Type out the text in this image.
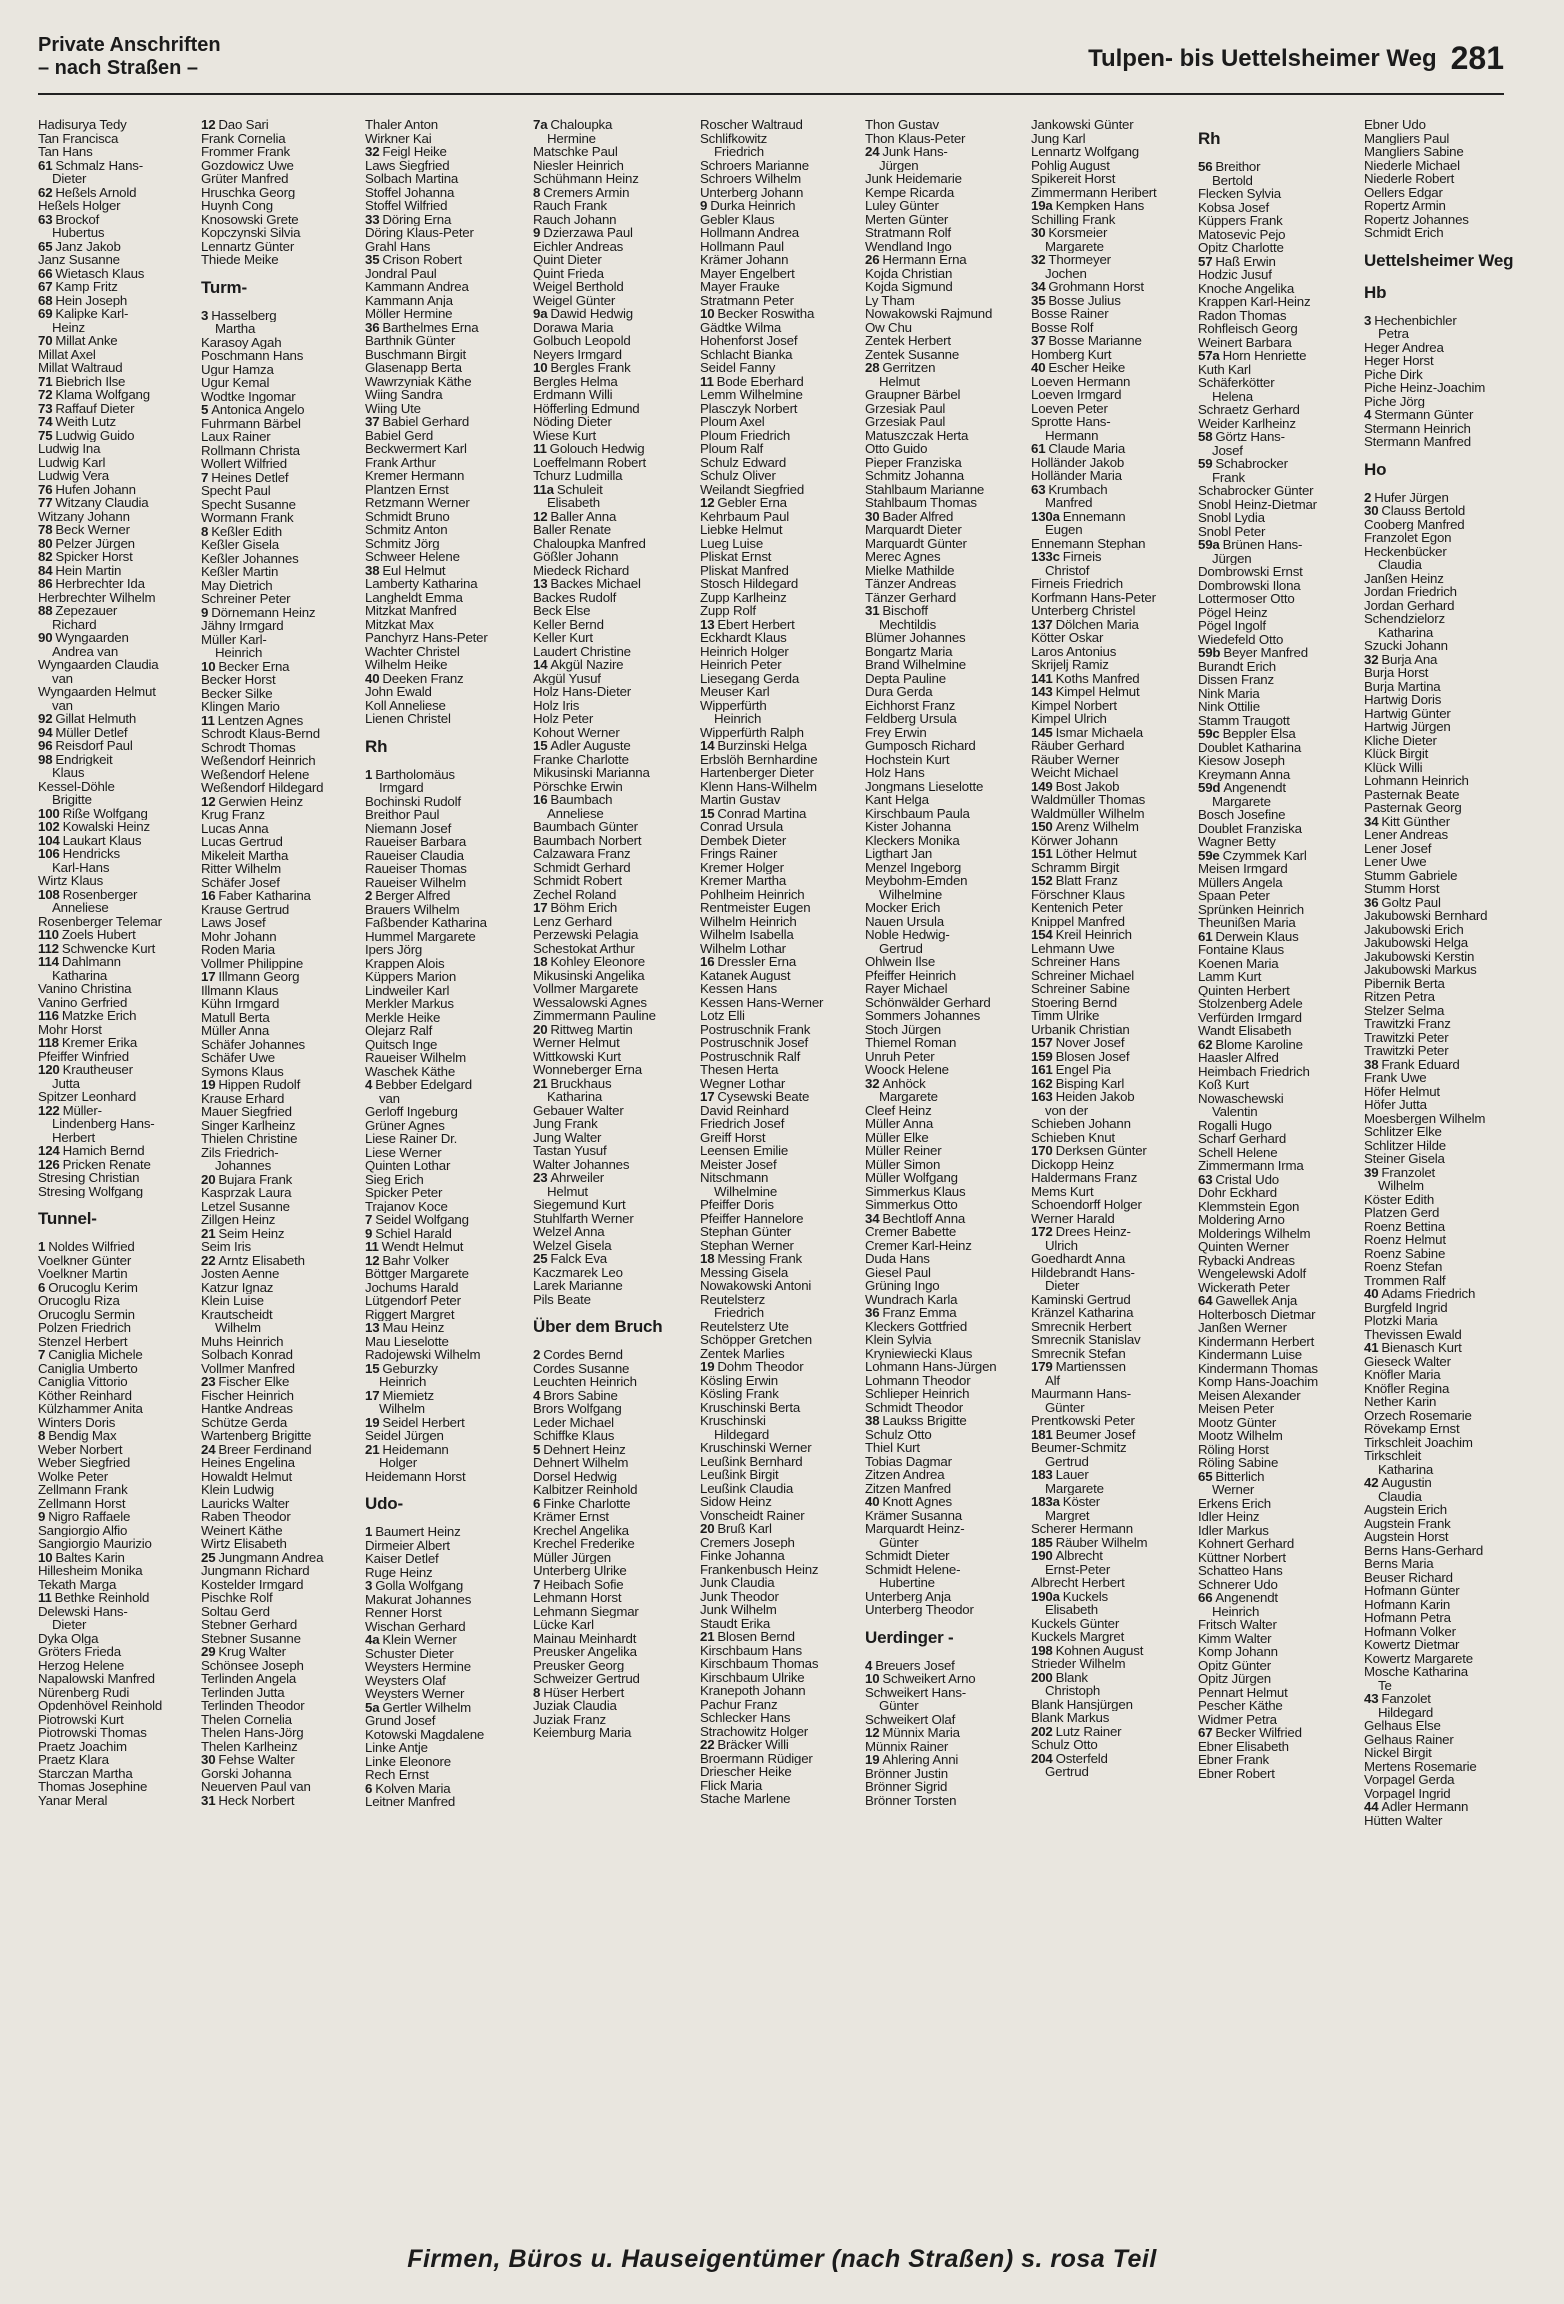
Private Anschriften
– nach Straßen –	Tulpen- bis Uettelsheimer Weg 281
Hadisurya Tedy
Tan Francisca
Tan Hans
61 Schmalz Hans-
Dieter
62 Heßels Arnold
Heßels Holger
63 Brockof
Hubertus
65 Janz Jakob
Janz Susanne
66 Wietasch Klaus
67 Kamp Fritz
68 Hein Joseph
69 Kalipke Karl-
Heinz
70 Millat Anke
Millat Axel
Millat Waltraud
71 Biebrich Ilse
72 Klama Wolfgang
73 Raffauf Dieter
74 Weith Lutz
75 Ludwig Guido
Ludwig Ina
Ludwig Karl
Ludwig Vera
76 Hufen Johann
77 Witzany Claudia
Witzany Johann
78 Beck Werner
80 Pelzer Jürgen
82 Spicker Horst
84 Hein Martin
86 Herbrechter Ida
Herbrechter Wilhelm
88 Zepezauer
Richard
90 Wyngaarden
Andrea van
Wyngaarden Claudia
van
Wyngaarden Helmut
van
92 Gillat Helmuth
94 Müller Detlef
96 Reisdorf Paul
98 Endrigkeit
Klaus
Kessel-Döhle
Brigitte
100 Riße Wolfgang
102 Kowalski Heinz
104 Laukart Klaus
106 Hendricks
Karl-Hans
Wirtz Klaus
108 Rosenberger
Anneliese
Rosenberger Telemar
110 Zoels Hubert
112 Schwencke Kurt
114 Dahlmann
Katharina
Vanino Christina
Vanino Gerfried
116 Matzke Erich
Mohr Horst
118 Kremer Erika
Pfeiffer Winfried
120 Krautheuser
Jutta
Spitzer Leonhard
122 Müller-
Lindenberg Hans-
Herbert
124 Hamich Bernd
126 Pricken Renate
Stresing Christian
Stresing Wolfgang
Tunnel-
1 Noldes Wilfried
Voelkner Günter
Voelkner Martin
6 Orucoglu Kerim
Orucoglu Riza
Orucoglu Sermin
Polzen Friedrich
Stenzel Herbert
7 Caniglia Michele
Caniglia Umberto
Caniglia Vittorio
Köther Reinhard
Külzhammer Anita
Winters Doris
8 Bendig Max
Weber Norbert
Weber Siegfried
Wolke Peter
Zellmann Frank
Zellmann Horst
9 Nigro Raffaele
Sangiorgio Alfio
Sangiorgio Maurizio
10 Baltes Karin
Hillesheim Monika
Tekath Marga
11 Bethke Reinhold
Delewski Hans-
Dieter
Dyka Olga
Gröters Frieda
Herzog Helene
Napalowski Manfred
Nürenberg Rudi
Opdenhövel Reinhold
Piotrowski Kurt
Piotrowski Thomas
Praetz Joachim
Praetz Klara
Starczan Martha
Thomas Josephine
Yanar Meral
12 Dao Sari
Frank Cornelia
Frommer Frank
Gozdowicz Uwe
Grüter Manfred
Hruschka Georg
Huynh Cong
Knosowski Grete
Kopczynski Silvia
Lennartz Günter
Thiede Meike
Turm-
3 Hasselberg
Martha
Karasoy Agah
Poschmann Hans
Ugur Hamza
Ugur Kemal
Wodtke Ingomar
5 Antonica Angelo
Fuhrmann Bärbel
Laux Rainer
Rollmann Christa
Wollert Wilfried
7 Heines Detlef
Specht Paul
Specht Susanne
Wormann Frank
8 Keßler Edith
Keßler Gisela
Keßler Johannes
Keßler Martin
May Dietrich
Schreiner Peter
9 Dörnemann Heinz
Jähny Irmgard
Müller Karl-
Heinrich
10 Becker Erna
Becker Horst
Becker Silke
Klingen Mario
11 Lentzen Agnes
Schrodt Klaus-Bernd
Schrodt Thomas
Weßendorf Heinrich
Weßendorf Helene
Weßendorf Hildegard
12 Gerwien Heinz
Krug Franz
Lucas Anna
Lucas Gertrud
Mikeleit Martha
Ritter Wilhelm
Schäfer Josef
16 Faber Katharina
Krause Gertrud
Laws Josef
Mohr Johann
Roden Maria
Vollmer Philippine
17 Illmann Georg
Illmann Klaus
Kühn Irmgard
Matull Berta
Müller Anna
Schäfer Johannes
Schäfer Uwe
Symons Klaus
19 Hippen Rudolf
Krause Erhard
Mauer Siegfried
Singer Karlheinz
Thielen Christine
Zils Friedrich-
Johannes
20 Bujara Frank
Kasprzak Laura
Letzel Susanne
Zillgen Heinz
21 Seim Heinz
Seim Iris
22 Arntz Elisabeth
Josten Aenne
Katzur Ignaz
Klein Luise
Krautscheidt
Wilhelm
Muhs Heinrich
Solbach Konrad
Vollmer Manfred
23 Fischer Elke
Fischer Heinrich
Hantke Andreas
Schütze Gerda
Wartenberg Brigitte
24 Breer Ferdinand
Heines Engelina
Howaldt Helmut
Klein Ludwig
Lauricks Walter
Raben Theodor
Weinert Käthe
Wirtz Elisabeth
25 Jungmann Andrea
Jungmann Richard
Kostelder Irmgard
Pischke Rolf
Soltau Gerd
Stebner Gerhard
Stebner Susanne
29 Krug Walter
Schönsee Joseph
Terlinden Angela
Terlinden Jutta
Terlinden Theodor
Thelen Cornelia
Thelen Hans-Jörg
Thelen Karlheinz
30 Fehse Walter
Gorski Johanna
Neuerven Paul van
31 Heck Norbert
Thaler Anton
Wirkner Kai
32 Feigl Heike
Laws Siegfried
Solbach Martina
Stoffel Johanna
Stoffel Wilfried
33 Döring Erna
Döring Klaus-Peter
Grahl Hans
35 Crison Robert
Jondral Paul
Kammann Andrea
Kammann Anja
Möller Hermine
36 Barthelmes Erna
Barthnik Günter
Buschmann Birgit
Glasenapp Berta
Wawrzyniak Käthe
Wiing Sandra
Wiing Ute
37 Babiel Gerhard
Babiel Gerd
Beckwermert Karl
Frank Arthur
Kremer Hermann
Plantzen Ernst
Retzmann Werner
Schmidt Bruno
Schmitz Anton
Schmitz Jörg
Schweer Helene
38 Eul Helmut
Lamberty Katharina
Langheldt Emma
Mitzkat Manfred
Mitzkat Max
Panchyrz Hans-Peter
Wachter Christel
Wilhelm Heike
40 Deeken Franz
John Ewald
Koll Anneliese
Lienen Christel
Rh
1 Bartholomäus
Irmgard
Bochinski Rudolf
Breithor Paul
Niemann Josef
Raueiser Barbara
Raueiser Claudia
Raueiser Thomas
Raueiser Wilhelm
2 Berger Alfred
Brauers Wilhelm
Faßbender Katharina
Hummel Margarete
Ipers Jörg
Krappen Alois
Küppers Marion
Lindweiler Karl
Merkler Markus
Merkle Heike
Olejarz Ralf
Quitsch Inge
Raueiser Wilhelm
Waschek Käthe
4 Bebber Edelgard
van
Gerloff Ingeburg
Grüner Agnes
Liese Rainer Dr.
Liese Werner
Quinten Lothar
Sieg Erich
Spicker Peter
Trajanov Koce
7 Seidel Wolfgang
9 Schiel Harald
11 Wendt Helmut
12 Bahr Volker
Böttger Margarete
Jochums Harald
Lütgendorf Peter
Riggert Margret
13 Mau Heinz
Mau Lieselotte
Radojewski Wilhelm
15 Geburzky
Heinrich
17 Miemietz
Wilhelm
19 Seidel Herbert
Seidel Jürgen
21 Heidemann
Holger
Heidemann Horst
Udo-
1 Baumert Heinz
Dirmeier Albert
Kaiser Detlef
Ruge Heinz
3 Golla Wolfgang
Makurat Johannes
Renner Horst
Wischan Gerhard
4a Klein Werner
Schuster Dieter
Weysters Hermine
Weysters Olaf
Weysters Werner
5a Gertler Wilhelm
Grund Josef
Kotowski Magdalene
Linke Antje
Linke Eleonore
Rech Ernst
6 Kolven Maria
Leitner Manfred
7a Chaloupka
Hermine
Matschke Paul
Niesler Heinrich
Schühmann Heinz
8 Cremers Armin
Rauch Frank
Rauch Johann
9 Dzierzawa Paul
Eichler Andreas
Quint Dieter
Quint Frieda
Weigel Berthold
Weigel Günter
9a Dawid Hedwig
Dorawa Maria
Golbuch Leopold
Neyers Irmgard
10 Bergles Frank
Bergles Helma
Erdmann Willi
Höfferling Edmund
Nöding Dieter
Wiese Kurt
11 Golouch Hedwig
Loeffelmann Robert
Tchurz Ludmilla
11a Schuleit
Elisabeth
12 Baller Anna
Baller Renate
Chaloupka Manfred
Gößler Johann
Miedeck Richard
13 Backes Michael
Backes Rudolf
Beck Else
Keller Bernd
Keller Kurt
Laudert Christine
14 Akgül Nazire
Akgül Yusuf
Holz Hans-Dieter
Holz Iris
Holz Peter
Kohout Werner
15 Adler Auguste
Franke Charlotte
Mikusinski Marianna
Pörschke Erwin
16 Baumbach
Anneliese
Baumbach Günter
Baumbach Norbert
Calzawara Franz
Schmidt Gerhard
Schmidt Robert
Zechel Roland
17 Böhm Erich
Lenz Gerhard
Perzewski Pelagia
Schestokat Arthur
18 Kohley Eleonore
Mikusinski Angelika
Vollmer Margarete
Wessalowski Agnes
Zimmermann Pauline
20 Rittweg Martin
Werner Helmut
Wittkowski Kurt
Wonneberger Erna
21 Bruckhaus
Katharina
Gebauer Walter
Jung Frank
Jung Walter
Tastan Yusuf
Walter Johannes
23 Ahrweiler
Helmut
Siegemund Kurt
Stuhlfarth Werner
Welzel Anna
Welzel Gisela
25 Falck Eva
Kaczmarek Leo
Larek Marianne
Pils Beate
Über dem Bruch
2 Cordes Bernd
Cordes Susanne
Leuchten Heinrich
4 Brors Sabine
Brors Wolfgang
Leder Michael
Schiffke Klaus
5 Dehnert Heinz
Dehnert Wilhelm
Dorsel Hedwig
Kalbitzer Reinhold
6 Finke Charlotte
Krämer Ernst
Krechel Angelika
Krechel Frederike
Müller Jürgen
Unterberg Ulrike
7 Heibach Sofie
Lehmann Horst
Lehmann Siegmar
Lücke Karl
Mainau Meinhardt
Preusker Angelika
Preusker Georg
Schweizer Gertrud
8 Hüser Herbert
Juziak Claudia
Juziak Franz
Keiemburg Maria
Roscher Waltraud
Schlifkowitz
Friedrich
Schroers Marianne
Schroers Wilhelm
Unterberg Johann
9 Durka Heinrich
Gebler Klaus
Hollmann Andrea
Hollmann Paul
Krämer Johann
Mayer Engelbert
Mayer Frauke
Stratmann Peter
10 Becker Roswitha
Gädtke Wilma
Hohenforst Josef
Schlacht Bianka
Seidel Fanny
11 Bode Eberhard
Lemm Wilhelmine
Plasczyk Norbert
Ploum Axel
Ploum Friedrich
Ploum Ralf
Schulz Edward
Schulz Oliver
Weilandt Siegfried
12 Gebler Erna
Kehrbaum Paul
Liebke Helmut
Lueg Luise
Pliskat Ernst
Pliskat Manfred
Stosch Hildegard
Zupp Karlheinz
Zupp Rolf
13 Ebert Herbert
Eckhardt Klaus
Heinrich Holger
Heinrich Peter
Liesegang Gerda
Meuser Karl
Wipperfürth
Heinrich
Wipperfürth Ralph
14 Burzinski Helga
Erbslöh Bernhardine
Hartenberger Dieter
Klenn Hans-Wilhelm
Martin Gustav
15 Conrad Martina
Conrad Ursula
Dembek Dieter
Frings Rainer
Kremer Holger
Kremer Martha
Pohlheim Heinrich
Rentmeister Eugen
Wilhelm Heinrich
Wilhelm Isabella
Wilhelm Lothar
16 Dressler Erna
Katanek August
Kessen Hans
Kessen Hans-Werner
Lotz Elli
Postruschnik Frank
Postruschnik Josef
Postruschnik Ralf
Thesen Herta
Wegner Lothar
17 Cysewski Beate
David Reinhard
Friedrich Josef
Greiff Horst
Leensen Emilie
Meister Josef
Nitschmann
Wilhelmine
Pfeiffer Doris
Pfeiffer Hannelore
Stephan Günter
Stephan Werner
18 Messing Frank
Messing Gisela
Nowakowski Antoni
Reutelsterz
Friedrich
Reutelsterz Ute
Schöpper Gretchen
Zentek Marlies
19 Dohm Theodor
Kösling Erwin
Kösling Frank
Kruschinski Berta
Kruschinski
Hildegard
Kruschinski Werner
Leußink Bernhard
Leußink Birgit
Leußink Claudia
Sidow Heinz
Vonscheidt Rainer
20 Bruß Karl
Cremers Joseph
Finke Johanna
Frankenbusch Heinz
Junk Claudia
Junk Theodor
Junk Wilhelm
Staudt Erika
21 Blosen Bernd
Kirschbaum Hans
Kirschbaum Thomas
Kirschbaum Ulrike
Kranepoth Johann
Pachur Franz
Schlecker Hans
Strachowitz Holger
22 Bräcker Willi
Broermann Rüdiger
Driescher Heike
Flick Maria
Stache Marlene
Thon Gustav
Thon Klaus-Peter
24 Junk Hans-
Jürgen
Junk Heidemarie
Kempe Ricarda
Luley Günter
Merten Günter
Stratmann Rolf
Wendland Ingo
26 Hermann Erna
Kojda Christian
Kojda Sigmund
Ly Tham
Nowakowski Rajmund
Ow Chu
Zentek Herbert
Zentek Susanne
28 Gerritzen
Helmut
Graupner Bärbel
Grzesiak Paul
Grzesiak Paul
Matuszczak Herta
Otto Guido
Pieper Franziska
Schmitz Johanna
Stahlbaum Marianne
Stahlbaum Thomas
30 Bader Alfred
Marquardt Dieter
Marquardt Günter
Merec Agnes
Mielke Mathilde
Tänzer Andreas
Tänzer Gerhard
31 Bischoff
Mechtildis
Blümer Johannes
Bongartz Maria
Brand Wilhelmine
Depta Pauline
Dura Gerda
Eichhorst Franz
Feldberg Ursula
Frey Erwin
Gumposch Richard
Hochstein Kurt
Holz Hans
Jongmans Lieselotte
Kant Helga
Kirschbaum Paula
Kister Johanna
Kleckers Monika
Ligthart Jan
Menzel Ingeborg
Meybohm-Emden
Wilhelmine
Mocker Erich
Nauen Ursula
Noble Hedwig-
Gertrud
Ohlwein Ilse
Pfeiffer Heinrich
Rayer Michael
Schönwälder Gerhard
Sommers Johannes
Stoch Jürgen
Thiemel Roman
Unruh Peter
Woock Helene
32 Anhöck
Margarete
Cleef Heinz
Müller Anna
Müller Elke
Müller Reiner
Müller Simon
Müller Wolfgang
Simmerkus Klaus
Simmerkus Otto
34 Bechtloff Anna
Cremer Babette
Cremer Karl-Heinz
Duda Hans
Giesel Paul
Grüning Ingo
Wundrach Karla
36 Franz Emma
Kleckers Gottfried
Klein Sylvia
Kryniewiecki Klaus
Lohmann Hans-Jürgen
Lohmann Theodor
Schlieper Heinrich
Schmidt Theodor
38 Laukss Brigitte
Schulz Otto
Thiel Kurt
Tobias Dagmar
Zitzen Andrea
Zitzen Manfred
40 Knott Agnes
Krämer Susanna
Marquardt Heinz-
Günter
Schmidt Dieter
Schmidt Helene-
Hubertine
Unterberg Anja
Unterberg Theodor
Uerdinger -
4 Breuers Josef
10 Schweikert Arno
Schweikert Hans-
Günter
Schweikert Olaf
12 Münnix Maria
Münnix Rainer
19 Ahlering Anni
Brönner Justin
Brönner Sigrid
Brönner Torsten
Jankowski Günter
Jung Karl
Lennartz Wolfgang
Pohlig August
Spikereit Horst
Zimmermann Heribert
19a Kempken Hans
Schilling Frank
30 Korsmeier
Margarete
32 Thormeyer
Jochen
34 Grohmann Horst
35 Bosse Julius
Bosse Rainer
Bosse Rolf
37 Bosse Marianne
Homberg Kurt
40 Escher Heike
Loeven Hermann
Loeven Irmgard
Loeven Peter
Sprotte Hans-
Hermann
61 Claude Maria
Holländer Jakob
Holländer Maria
63 Krumbach
Manfred
130a Ennemann
Eugen
Ennemann Stephan
133c Firneis
Christof
Firneis Friedrich
Korfmann Hans-Peter
Unterberg Christel
137 Dölchen Maria
Kötter Oskar
Laros Antonius
Skrijelj Ramiz
141 Koths Manfred
143 Kimpel Helmut
Kimpel Norbert
Kimpel Ulrich
145 Ismar Michaela
Räuber Gerhard
Räuber Werner
Weicht Michael
149 Bost Jakob
Waldmüller Thomas
Waldmüller Wilhelm
150 Arenz Wilhelm
Körwer Johann
151 Löther Helmut
Schramm Birgit
152 Blatt Franz
Förschner Klaus
Kentenich Peter
Knippel Manfred
154 Kreil Heinrich
Lehmann Uwe
Schreiner Hans
Schreiner Michael
Schreiner Sabine
Stoering Bernd
Timm Ulrike
Urbanik Christian
157 Nover Josef
159 Blosen Josef
161 Engel Pia
162 Bisping Karl
163 Heiden Jakob
von der
Schieben Johann
Schieben Knut
170 Derksen Günter
Dickopp Heinz
Haldermans Franz
Mems Kurt
Schoendorff Holger
Werner Harald
172 Drees Heinz-
Ulrich
Goedhardt Anna
Hildebrandt Hans-
Dieter
Kaminski Gertrud
Kränzel Katharina
Smrecnik Herbert
Smrecnik Stanislav
Smrecnik Stefan
179 Martienssen
Alf
Maurmann Hans-
Günter
Prentkowski Peter
181 Beumer Josef
Beumer-Schmitz
Gertrud
183 Lauer
Margarete
183a Köster
Margret
Scherer Hermann
185 Räuber Wilhelm
190 Albrecht
Ernst-Peter
Albrecht Herbert
190a Kuckels
Elisabeth
Kuckels Günter
Kuckels Margret
198 Kohnen August
Strieder Wilhelm
200 Blank
Christoph
Blank Hansjürgen
Blank Markus
202 Lutz Rainer
Schulz Otto
204 Osterfeld
Gertrud
Rh
56 Breithor
Bertold
Flecken Sylvia
Kobsa Josef
Küppers Frank
Matosevic Pejo
Opitz Charlotte
57 Haß Erwin
Hodzic Jusuf
Knoche Angelika
Krappen Karl-Heinz
Radon Thomas
Rohfleisch Georg
Weinert Barbara
57a Horn Henriette
Kuth Karl
Schäferkötter
Helena
Schraetz Gerhard
Weider Karlheinz
58 Görtz Hans-
Josef
59 Schabrocker
Frank
Schabrocker Günter
Snobl Heinz-Dietmar
Snobl Lydia
Snobl Peter
59a Brünen Hans-
Jürgen
Dombrowski Ernst
Dombrowski Ilona
Lottermoser Otto
Pögel Heinz
Pögel Ingolf
Wiedefeld Otto
59b Beyer Manfred
Burandt Erich
Dissen Franz
Nink Maria
Nink Ottilie
Stamm Traugott
59c Beppler Elsa
Doublet Katharina
Kiesow Joseph
Kreymann Anna
59d Angenendt
Margarete
Bosch Josefine
Doublet Franziska
Wagner Betty
59e Czymmek Karl
Meisen Irmgard
Müllers Angela
Spaan Peter
Sprünken Heinrich
Theunißen Maria
61 Derwein Klaus
Fontaine Klaus
Koenen Maria
Lamm Kurt
Quinten Herbert
Stolzenberg Adele
Verfürden Irmgard
Wandt Elisabeth
62 Blome Karoline
Haasler Alfred
Heimbach Friedrich
Koß Kurt
Nowaschewski
Valentin
Rogalli Hugo
Scharf Gerhard
Schell Helene
Zimmermann Irma
63 Cristal Udo
Dohr Eckhard
Klemmstein Egon
Moldering Arno
Molderings Wilhelm
Quinten Werner
Rybacki Andreas
Wengelewski Adolf
Wickerath Peter
64 Gawellek Anja
Holterbosch Dietmar
Janßen Werner
Kindermann Herbert
Kindermann Luise
Kindermann Thomas
Komp Hans-Joachim
Meisen Alexander
Meisen Peter
Mootz Günter
Mootz Wilhelm
Röling Horst
Röling Sabine
65 Bitterlich
Werner
Erkens Erich
Idler Heinz
Idler Markus
Kohnert Gerhard
Küttner Norbert
Schatteo Hans
Schnerer Udo
66 Angenendt
Heinrich
Fritsch Walter
Kimm Walter
Komp Johann
Opitz Günter
Opitz Jürgen
Pennart Helmut
Pescher Käthe
Widmer Petra
67 Becker Wilfried
Ebner Elisabeth
Ebner Frank
Ebner Robert
Ebner Udo
Mangliers Paul
Mangliers Sabine
Niederle Michael
Niederle Robert
Oellers Edgar
Ropertz Armin
Ropertz Johannes
Schmidt Erich
Uettelsheimer Weg
Hb
3 Hechenbichler
Petra
Heger Andrea
Heger Horst
Piche Dirk
Piche Heinz-Joachim
Piche Jörg
4 Stermann Günter
Stermann Heinrich
Stermann Manfred
Ho
2 Hufer Jürgen
30 Clauss Bertold
Cooberg Manfred
Franzolet Egon
Heckenbücker
Claudia
Janßen Heinz
Jordan Friedrich
Jordan Gerhard
Schendzielorz
Katharina
Szucki Johann
32 Burja Ana
Burja Horst
Burja Martina
Hartwig Doris
Hartwig Günter
Hartwig Jürgen
Kliche Dieter
Klück Birgit
Klück Willi
Lohmann Heinrich
Pasternak Beate
Pasternak Georg
34 Kitt Günther
Lener Andreas
Lener Josef
Lener Uwe
Stumm Gabriele
Stumm Horst
36 Goltz Paul
Jakubowski Bernhard
Jakubowski Erich
Jakubowski Helga
Jakubowski Kerstin
Jakubowski Markus
Pibernik Berta
Ritzen Petra
Stelzer Selma
Trawitzki Franz
Trawitzki Peter
Trawitzki Peter
38 Frank Eduard
Frank Uwe
Höfer Helmut
Höfer Jutta
Moesbergen Wilhelm
Schlitzer Elke
Schlitzer Hilde
Steiner Gisela
39 Franzolet
Wilhelm
Köster Edith
Platzen Gerd
Roenz Bettina
Roenz Helmut
Roenz Sabine
Roenz Stefan
Trommen Ralf
40 Adams Friedrich
Burgfeld Ingrid
Plotzki Maria
Thevissen Ewald
41 Bienasch Kurt
Gieseck Walter
Knöfler Maria
Knöfler Regina
Nether Karin
Orzech Rosemarie
Rövekamp Ernst
Tirkschleit Joachim
Tirkschleit
Katharina
42 Augustin
Claudia
Augstein Erich
Augstein Frank
Augstein Horst
Berns Hans-Gerhard
Berns Maria
Beuser Richard
Hofmann Günter
Hofmann Karin
Hofmann Petra
Hofmann Volker
Kowertz Dietmar
Kowertz Margarete
Mosche Katharina
Te
43 Fanzolet
Hildegard
Gelhaus Else
Gelhaus Rainer
Nickel Birgit
Mertens Rosemarie
Vorpagel Gerda
Vorpagel Ingrid
44 Adler Hermann
Hütten Walter
Firmen, Büros u. Hauseigentümer (nach Straßen) s. rosa Teil
